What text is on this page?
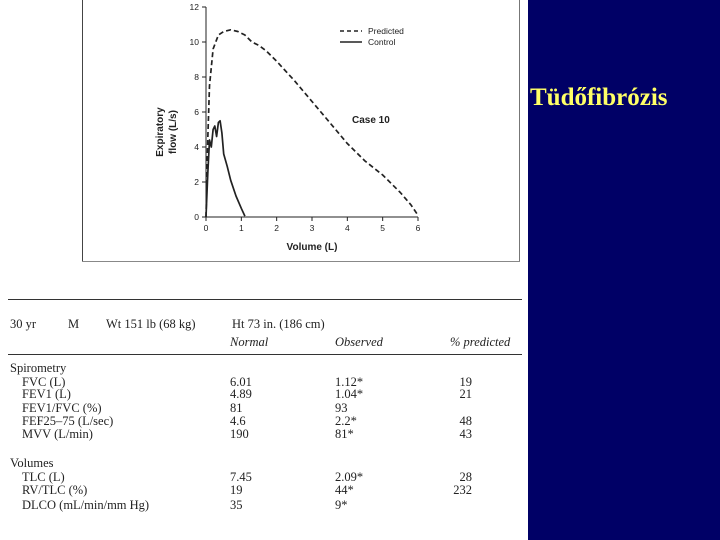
0	1	2	3	4	5	6
0
2
4
6
8
10
12
Predicted
Control
Case 10
Volume (L)
Expiratory flow (L/s)
30 yr	M Wt 151 lb (68 kg)	Ht 73 in. (186 cm)
Normal	Observed	% predicted
Spirometry
Volumes
FVC (L)	6.01	1.12*	19
FEV1 (L)	4.89	1.04*	21
FEV1/FVC (%)	81	93
FEF25–75 (L/sec)	4.6	2.2*	48
MVV (L/min)	190	81*	43
TLC (L)	7.45	2.09*	28
RV/TLC (%)	19	44*	232
DLCO (mL/min/mm Hg)	35	9*
Tüdőfibrózis
